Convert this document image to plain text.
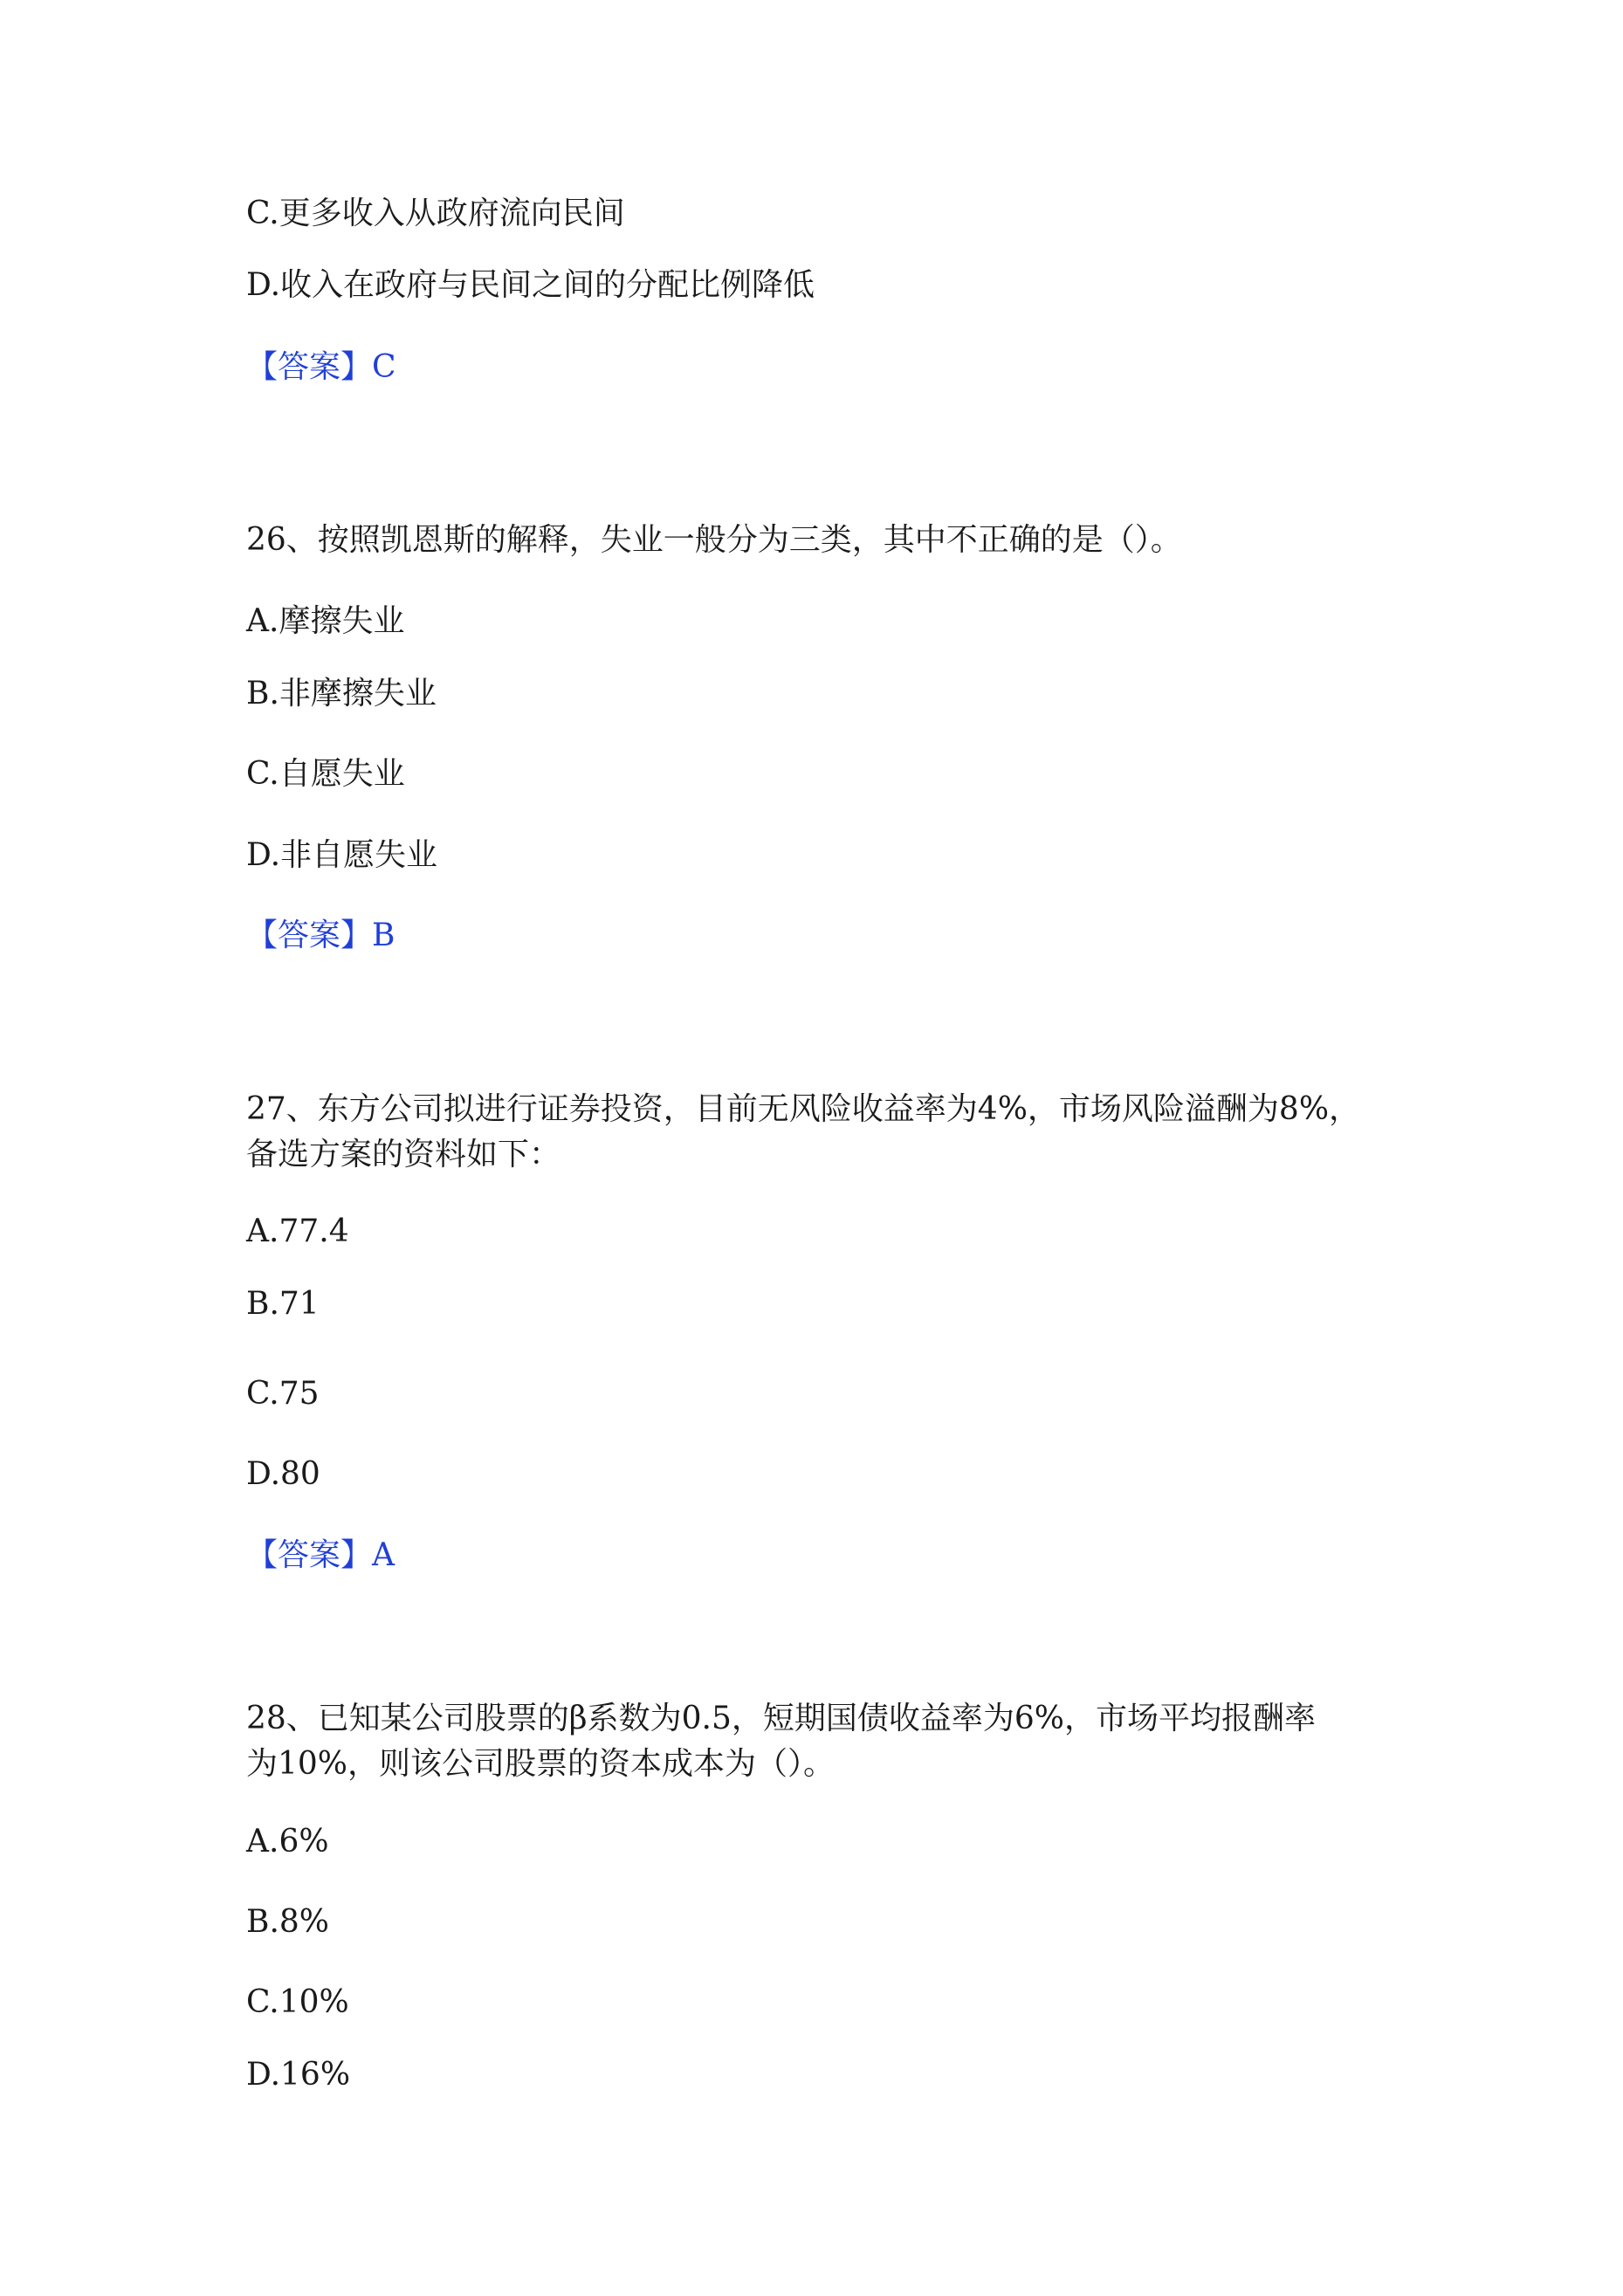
C.更多收入从政府流向民间
D.收入在政府与民间之间的分配比例降低
【答案】C
26、按照凯恩斯的解释，失业一般分为三类，其中不正确的是（）。
A.摩擦失业
B.非摩擦失业
C.自愿失业
D.非自愿失业
【答案】B
27、东方公司拟进行证券投资，目前无风险收益率为4%，市场风险溢酬为8%，
备选方案的资料如下：
A.77.4
B.71
C.75
D.80
【答案】A
28、已知某公司股票的β系数为0.5，短期国债收益率为6%，市场平均报酬率
为10%，则该公司股票的资本成本为（）。
A.6%
B.8%
C.10%
D.16%
